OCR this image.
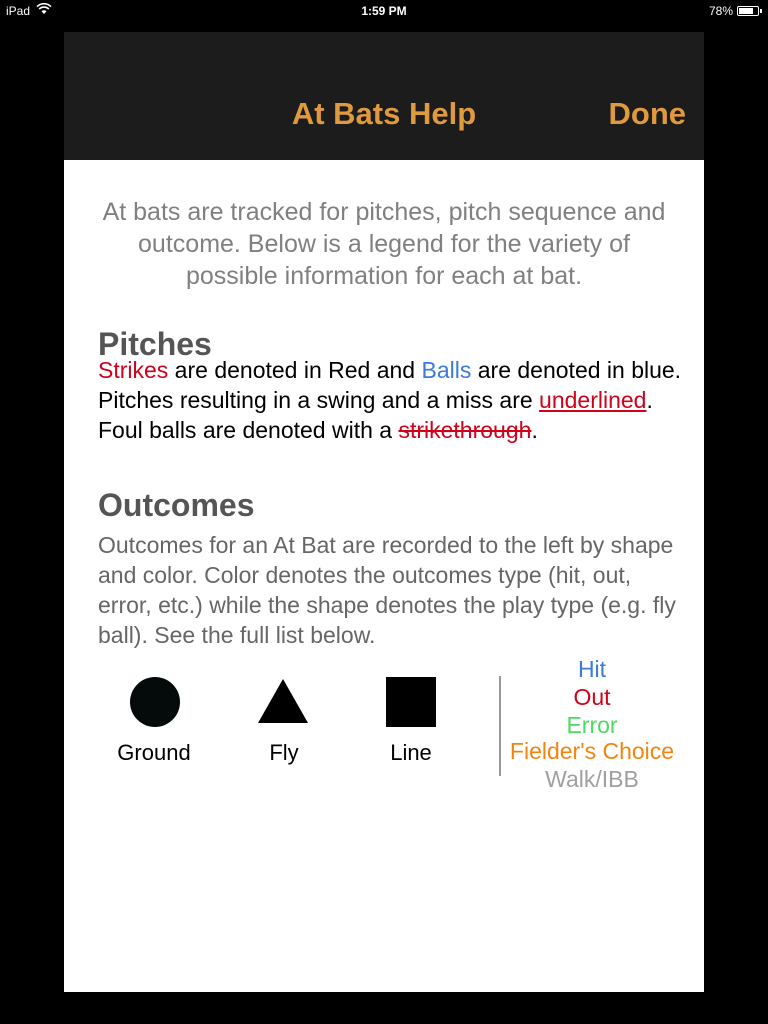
iPad	1:59 PM	78%
At Bats Help	Done
At bats are tracked for pitches, pitch sequence and outcome. Below is a legend for the variety of possible information for each at bat.
Pitches
Strikes are denoted in Red and Balls are denoted in blue. Pitches resulting in a swing and a miss are underlined. Foul balls are denoted with a strikethrough.
Outcomes
Outcomes for an At Bat are recorded to the left by shape and color. Color denotes the outcomes type (hit, out, error, etc.) while the shape denotes the play type (e.g. fly ball). See the full list below.
Ground	Fly	Line
Hit
Out
Error
Fielder's Choice
Walk/IBB
